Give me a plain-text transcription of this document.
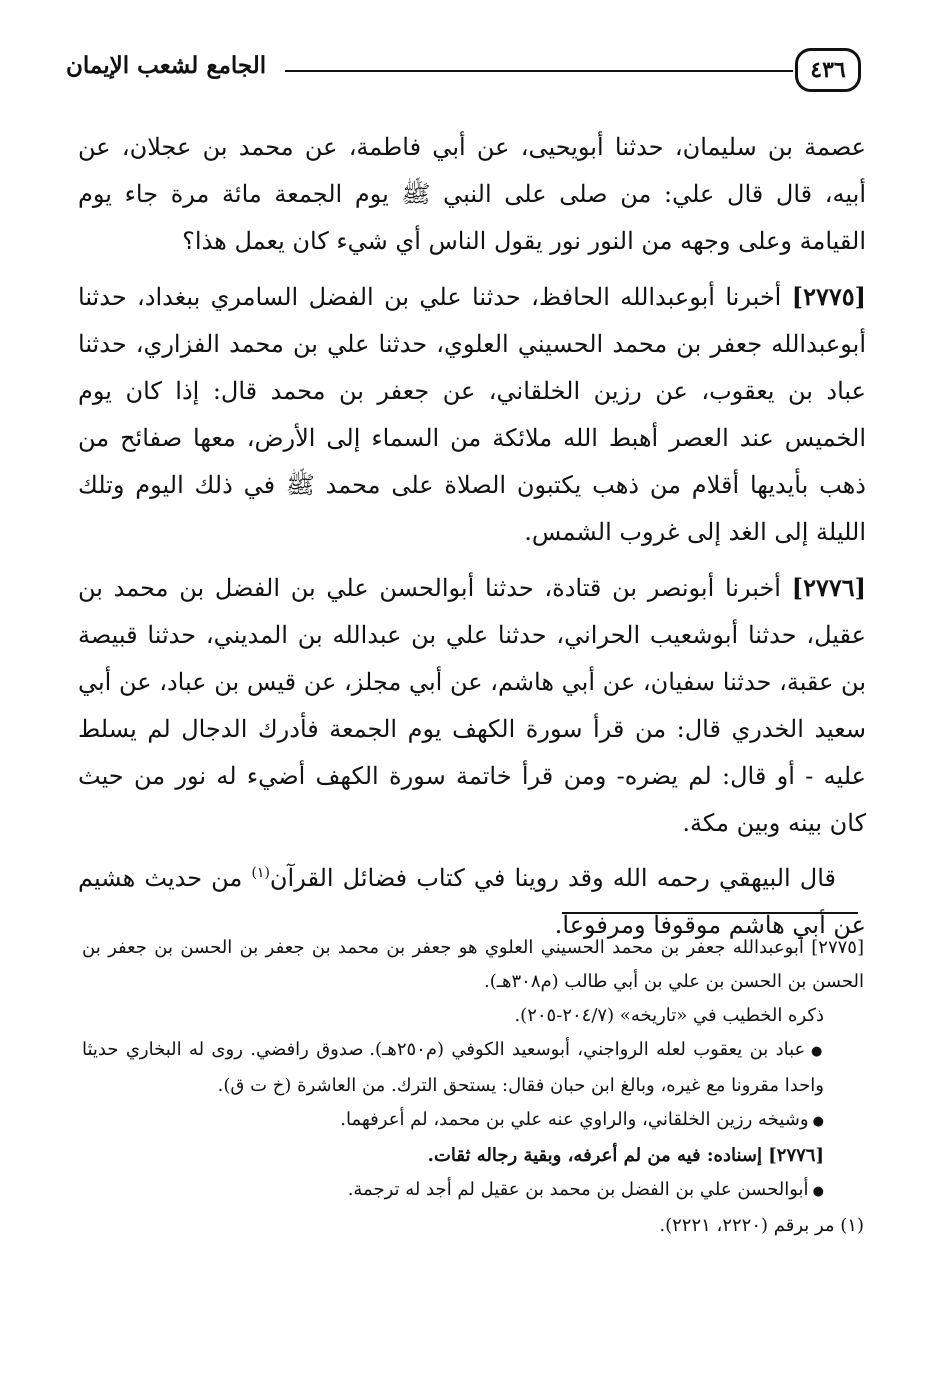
الجامع لشعب الإيمان	٤٣٦

عصمة بن سليمان، حدثنا أبويحيى، عن أبي فاطمة، عن محمد بن عجلان، عن أبيه، قال قال علي: من صلى على النبي ﷺ يوم الجمعة مائة مرة جاء يوم القيامة وعلى وجهه من النور نور يقول الناس أي شيء كان يعمل هذا؟

[٢٧٧٥] أخبرنا أبوعبدالله الحافظ، حدثنا علي بن الفضل السامري ببغداد، حدثنا أبوعبدالله جعفر بن محمد الحسيني العلوي، حدثنا علي بن محمد الفزاري، حدثنا عباد بن يعقوب، عن رزين الخلقاني، عن جعفر بن محمد قال: إذا كان يوم الخميس عند العصر أهبط الله ملائكة من السماء إلى الأرض، معها صفائح من ذهب بأيديها أقلام من ذهب يكتبون الصلاة على محمد ﷺ في ذلك اليوم وتلك الليلة إلى الغد إلى غروب الشمس.

[٢٧٧٦] أخبرنا أبونصر بن قتادة، حدثنا أبوالحسن علي بن الفضل بن محمد بن عقيل، حدثنا أبوشعيب الحراني، حدثنا علي بن عبدالله بن المديني، حدثنا قبيصة بن عقبة، حدثنا سفيان، عن أبي هاشم، عن أبي مجلز، عن قيس بن عباد، عن أبي سعيد الخدري قال: من قرأ سورة الكهف يوم الجمعة فأدرك الدجال لم يسلط عليه - أو قال: لم يضره- ومن قرأ خاتمة سورة الكهف أضيء له نور من حيث كان بينه وبين مكة.

قال البيهقي رحمه الله وقد روينا في كتاب فضائل القرآن$^{(١)}$ من حديث هشيم عن أبي هاشم موقوفا ومرفوعا.

[٢٧٧٥] أبوعبدالله جعفر بن محمد الحسيني العلوي هو جعفر بن محمد بن جعفر بن الحسن بن جعفر بن الحسن بن الحسن بن علي بن أبي طالب (م٣٠٨هـ).

ذكره الخطيب في «تاريخه» (٢٠٤/٧-٢٠٥).

● عباد بن يعقوب لعله الرواجني، أبوسعيد الكوفي (م٢٥٠هـ). صدوق رافضي. روى له البخاري حديثا واحدا مقرونا مع غيره، وبالغ ابن حبان فقال: يستحق الترك. من العاشرة (خ ت ق).

● وشيخه رزين الخلقاني، والراوي عنه علي بن محمد، لم أعرفهما.

[٢٧٧٦] إسناده: فيه من لم أعرفه، وبقية رجاله ثقات.

● أبوالحسن علي بن الفضل بن محمد بن عقيل لم أجد له ترجمة.

(١) مر برقم (٢٢٢٠، ٢٢٢١).
